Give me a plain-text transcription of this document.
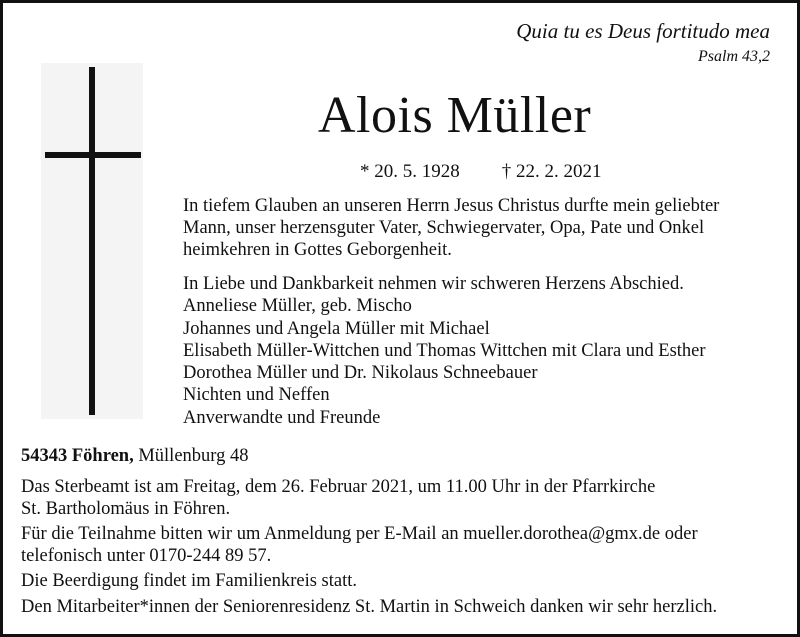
Quia tu es Deus fortitudo mea
Psalm 43,2
Alois Müller
* 20. 5. 1928 † 22. 2. 2021
In tiefem Glauben an unseren Herrn Jesus Christus durfte mein geliebter
Mann, unser herzensguter Vater, Schwiegervater, Opa, Pate und Onkel
heimkehren in Gottes Geborgenheit.
In Liebe und Dankbarkeit nehmen wir schweren Herzens Abschied.
Anneliese Müller, geb. Mischo
Johannes und Angela Müller mit Michael
Elisabeth Müller-Wittchen und Thomas Wittchen mit Clara und Esther
Dorothea Müller und Dr. Nikolaus Schneebauer
Nichten und Neffen
Anverwandte und Freunde
54343 Föhren, Müllenburg 48
Das Sterbeamt ist am Freitag, dem 26. Februar 2021, um 11.00 Uhr in der Pfarrkirche
St. Bartholomäus in Föhren.
Für die Teilnahme bitten wir um Anmeldung per E-Mail an mueller.dorothea@gmx.de oder
telefonisch unter 0170-244 89 57.
Die Beerdigung findet im Familienkreis statt.
Den Mitarbeiter*innen der Seniorenresidenz St. Martin in Schweich danken wir sehr herzlich.
